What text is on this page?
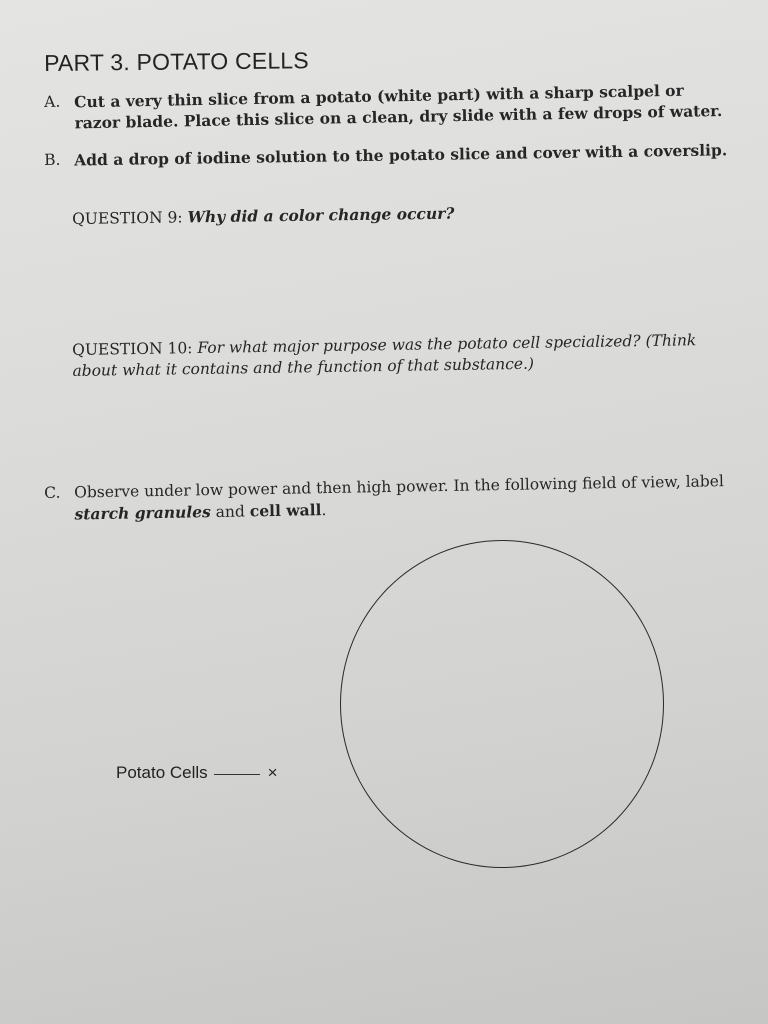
PART 3. POTATO CELLS
A. Cut a very thin slice from a potato (white part) with a sharp scalpel or razor blade. Place this slice on a clean, dry slide with a few drops of water.
B. Add a drop of iodine solution to the potato slice and cover with a coverslip.
QUESTION 9: Why did a color change occur?
QUESTION 10: For what major purpose was the potato cell specialized? (Think about what it contains and the function of that substance.)
C. Observe under low power and then high power. In the following field of view, label starch granules and cell wall.
Potato Cells	×
